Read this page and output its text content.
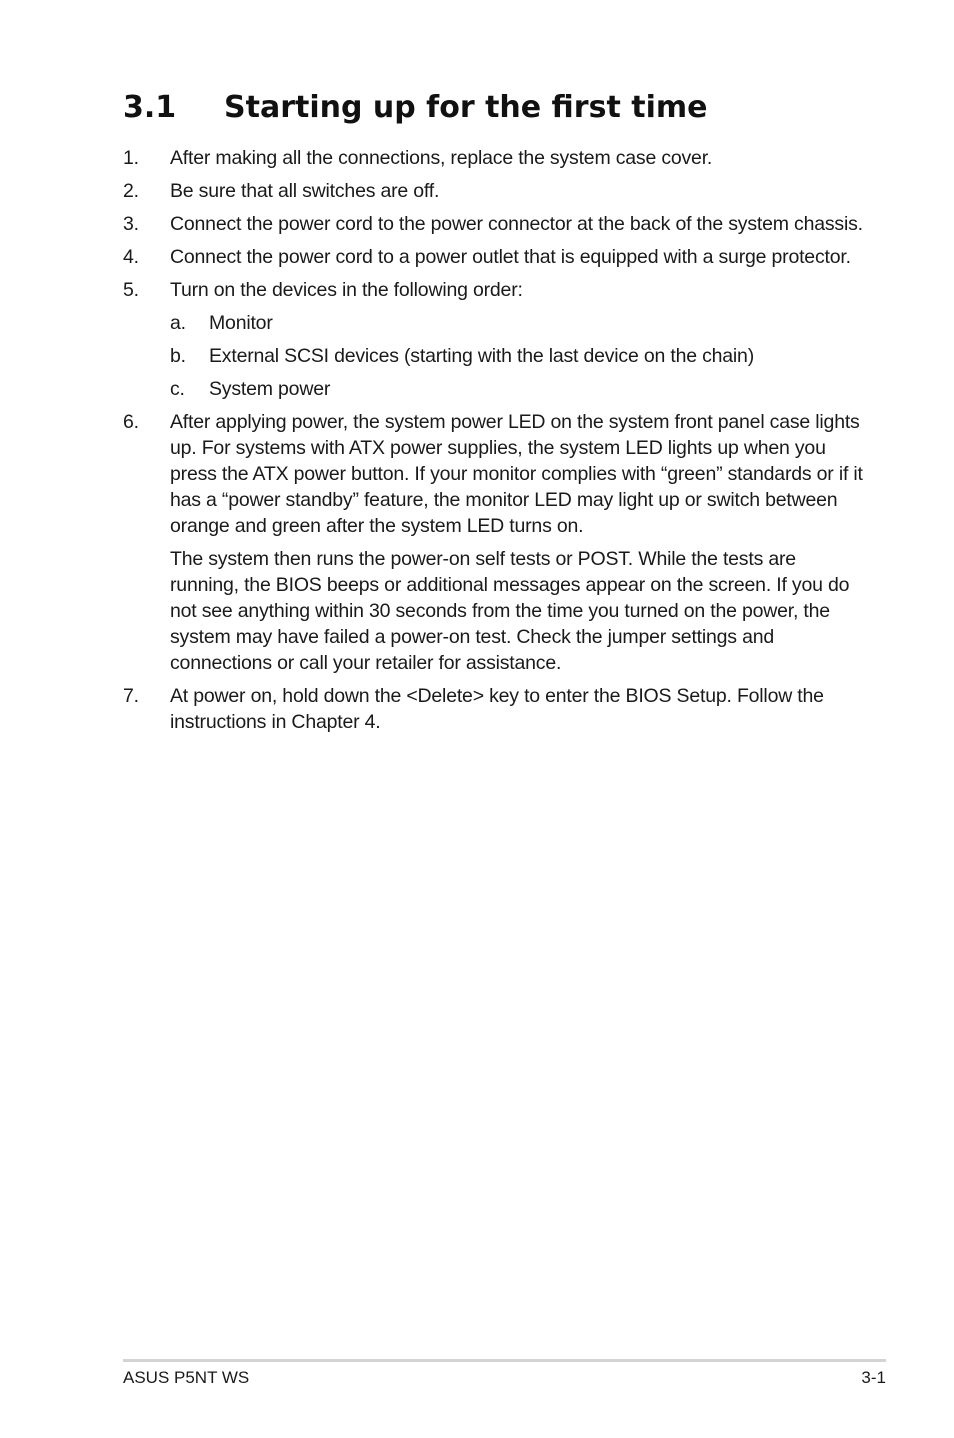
3.1 Starting up for the first time
1.	After making all the connections, replace the system case cover.
2.	Be sure that all switches are off.
3.	Connect the power cord to the power connector at the back of the system chassis.
4.	Connect the power cord to a power outlet that is equipped with a surge protector.
5.	Turn on the devices in the following order:
a.	Monitor
b.	External SCSI devices (starting with the last device on the chain)
c.	System power
6.	After applying power, the system power LED on the system front panel case lights up. For systems with ATX power supplies, the system LED lights up when you press the ATX power button. If your monitor complies with “green” standards or if it has a “power standby” feature, the monitor LED may light up or switch between orange and green after the system LED turns on.
The system then runs the power-on self tests or POST. While the tests are running, the BIOS beeps or additional messages appear on the screen. If you do not see anything within 30 seconds from the time you turned on the power, the system may have failed a power-on test. Check the jumper settings and connections or call your retailer for assistance.
7.	At power on, hold down the <Delete> key to enter the BIOS Setup. Follow the instructions in Chapter 4.
ASUS P5NT WS	3-1
